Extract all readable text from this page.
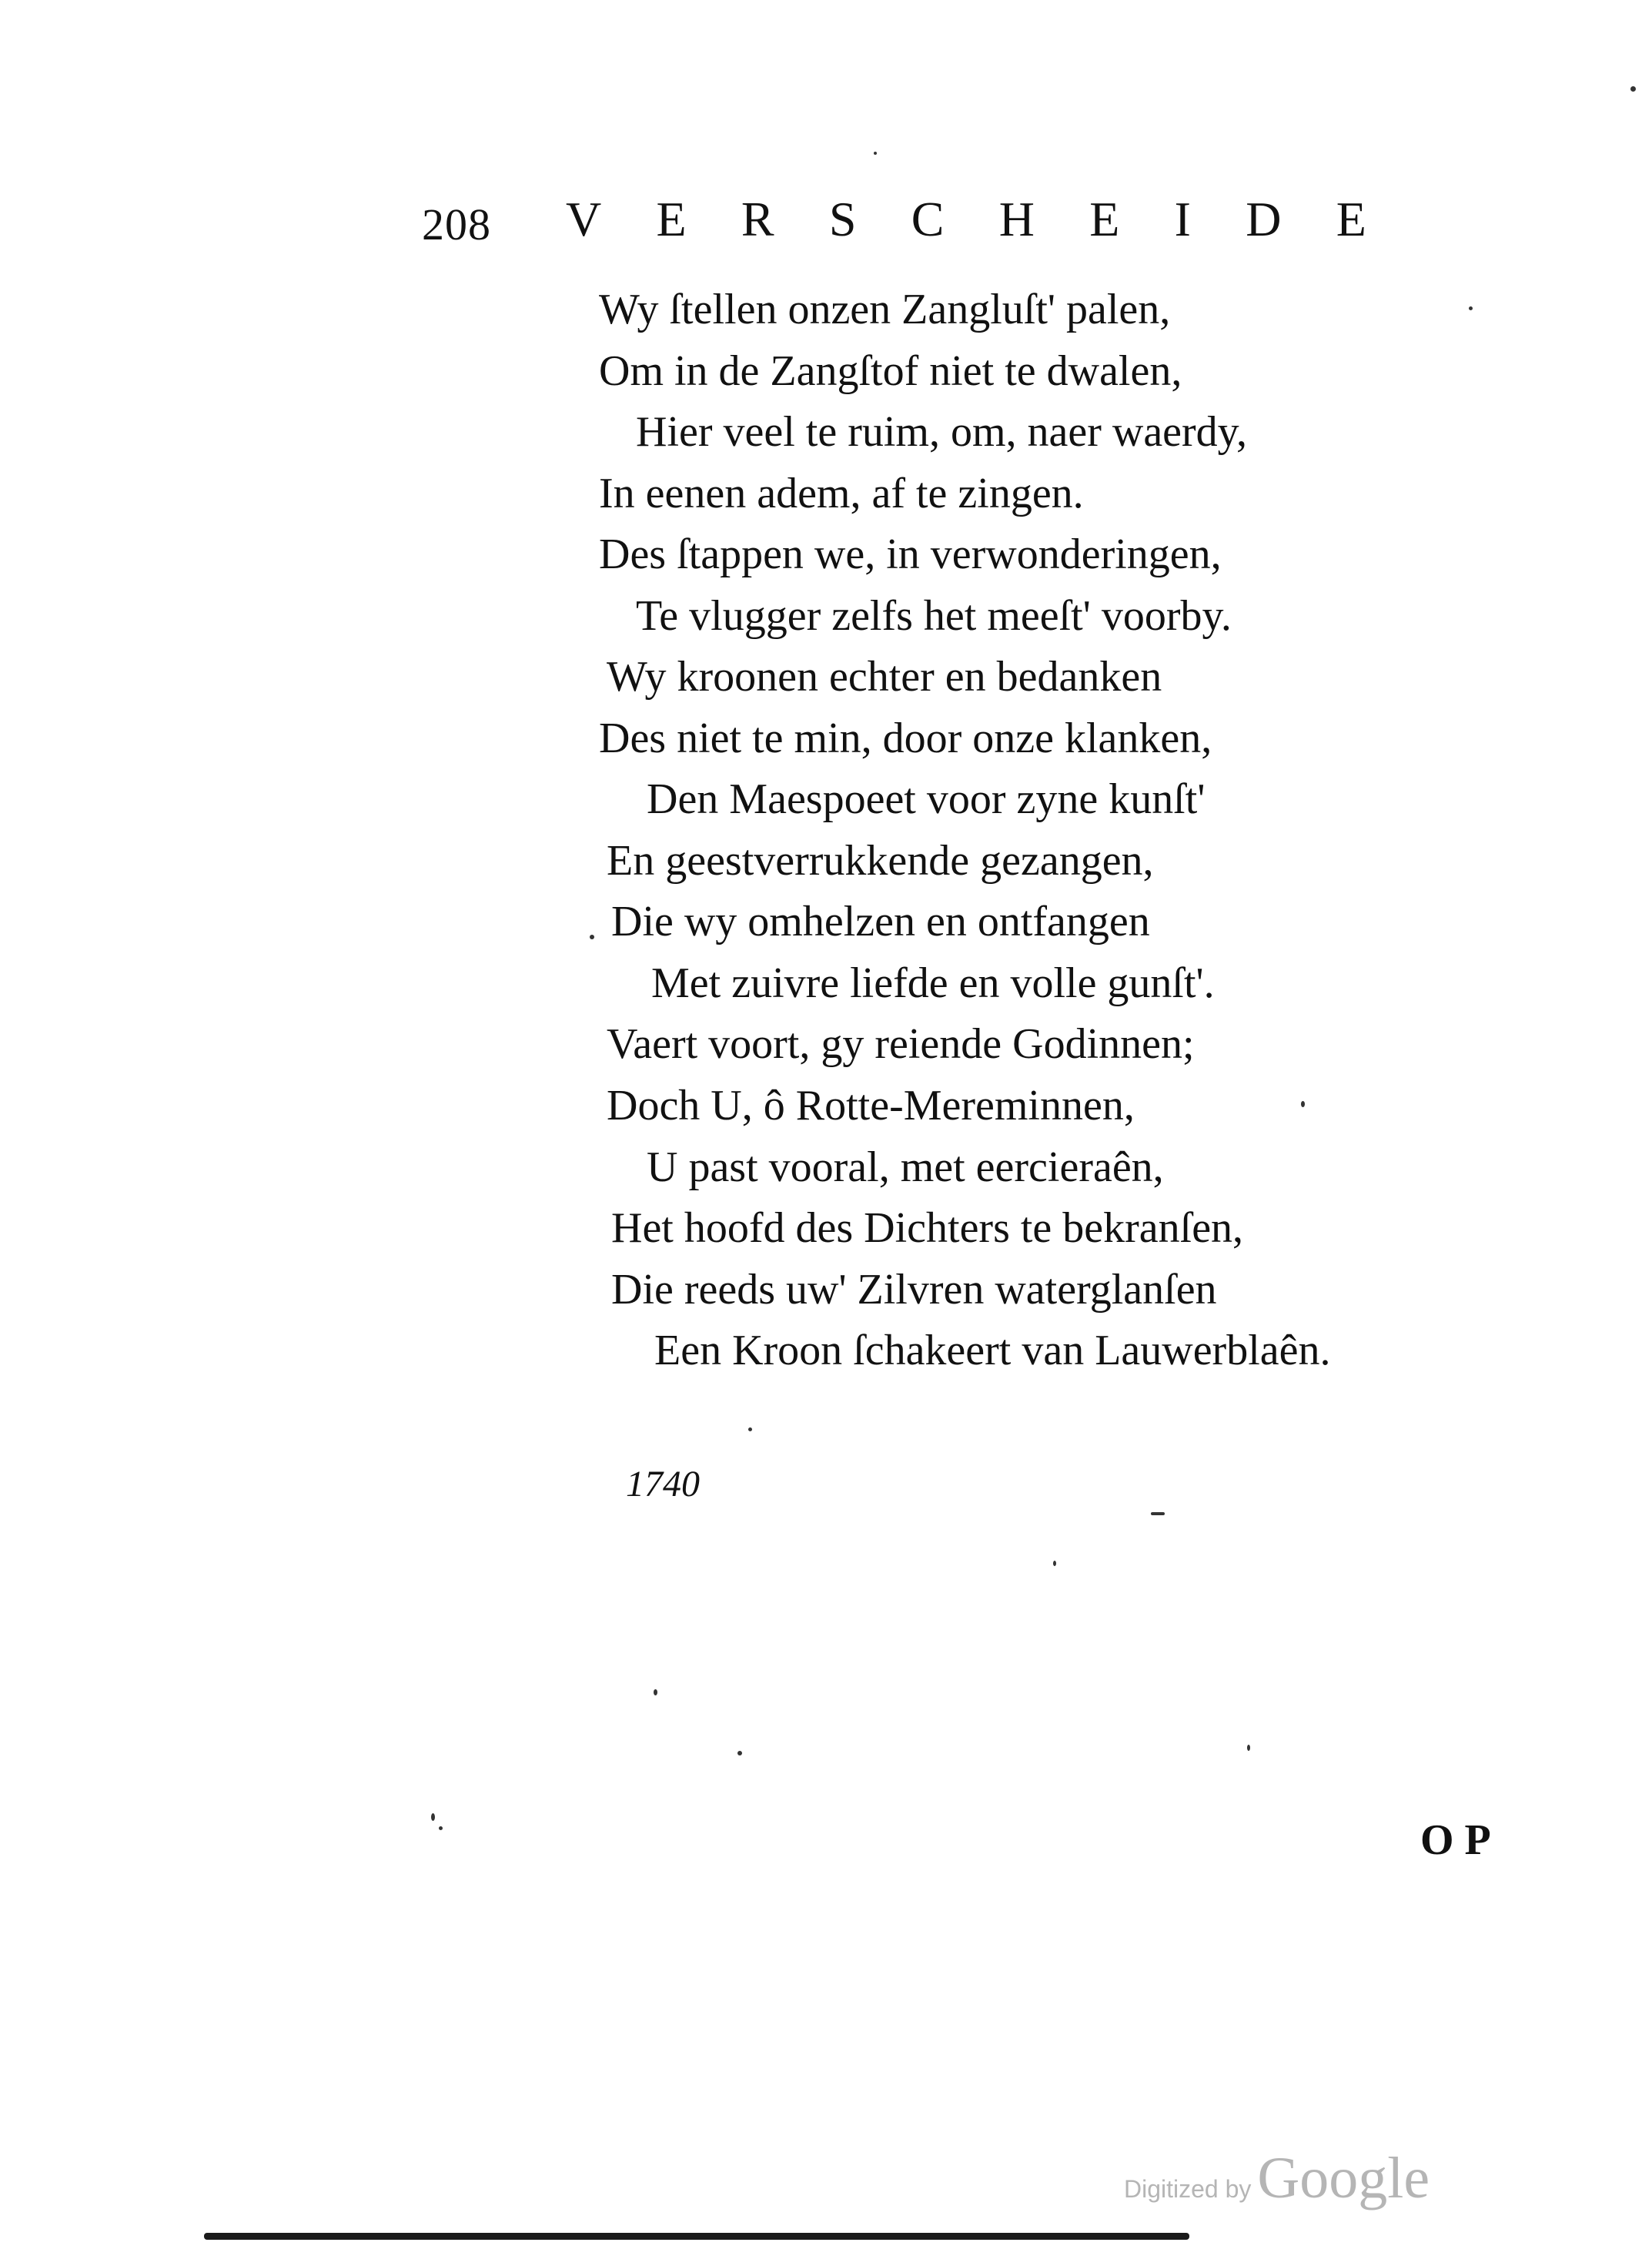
208 V E R S C H E I D E
Wy ſtellen onzen Zangluſt' palen,
Om in de Zangſtof niet te dwalen,
Hier veel te ruim, om, naer waerdy,
In eenen adem, af te zingen.
Des ſtappen we, in verwonderingen,
Te vlugger zelfs het meeſt' voorby.
Wy kroonen echter en bedanken
Des niet te min, door onze klanken,
Den Maespoeet voor zyne kunſt'
En geestverrukkende gezangen,
Die wy omhelzen en ontfangen
Met zuivre liefde en volle gunſt'.
Vaert voort, gy reiende Godinnen;
Doch U, ô Rotte-Mereminnen,
U past vooral, met eercieraên,
Het hoofd des Dichters te bekranſen,
Die reeds uw' Zilvren waterglanſen
Een Kroon ſchakeert van Lauwerblaên.
1740
O P
Digitized by Google
